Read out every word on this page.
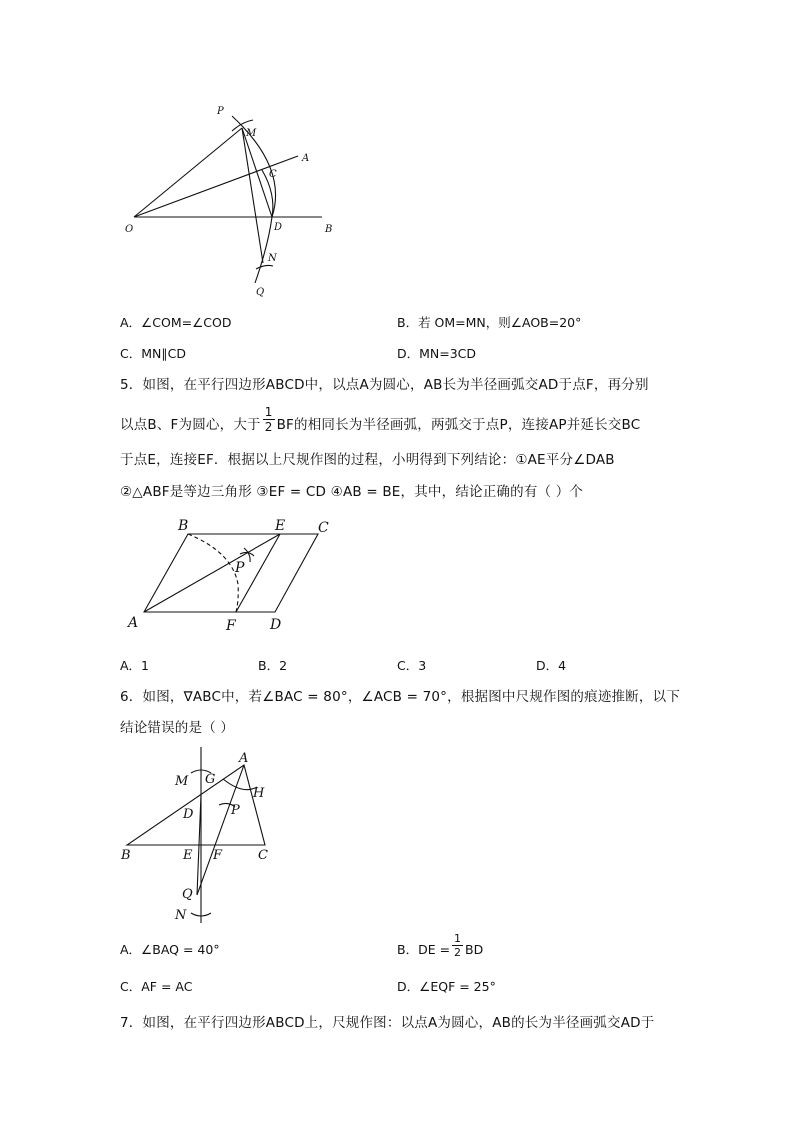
P
M
A
C
O	D	B
N
Q
A．∠COM=∠COD	B．若 OM=MN，则∠AOB=20°
C．MN∥CD	D．MN=3CD
5．如图，在平行四边形ABCD中，以点A为圆心，AB长为半径画弧交AD于点F，再分别
以点B、F为圆心，大于 $\frac{1}{2}$ BF的相同长为半径画弧，两弧交于点P，连接AP并延长交BC
于点E，连接EF．根据以上尺规作图的过程，小明得到下列结论：①AE平分∠DAB
②△ABF是等边三角形 ③EF = CD ④AB = BE，其中，结论正确的有（ ）个
B	E C
P
A	F D
A．1	B．2	C．3	D．4
6．如图，∇ABC中，若∠BAC = 80°，∠ACB = 70°，根据图中尺规作图的痕迹推断，以下
结论错误的是（ ）
A
M G
H
D	P
B	E F	C
Q
N
A．∠BAQ = 40°	B．DE = $\frac{1}{2}$ BD
C．AF = AC	D．∠EQF = 25°
7．如图，在平行四边形ABCD上，尺规作图：以点A为圆心，AB的长为半径画弧交AD于
